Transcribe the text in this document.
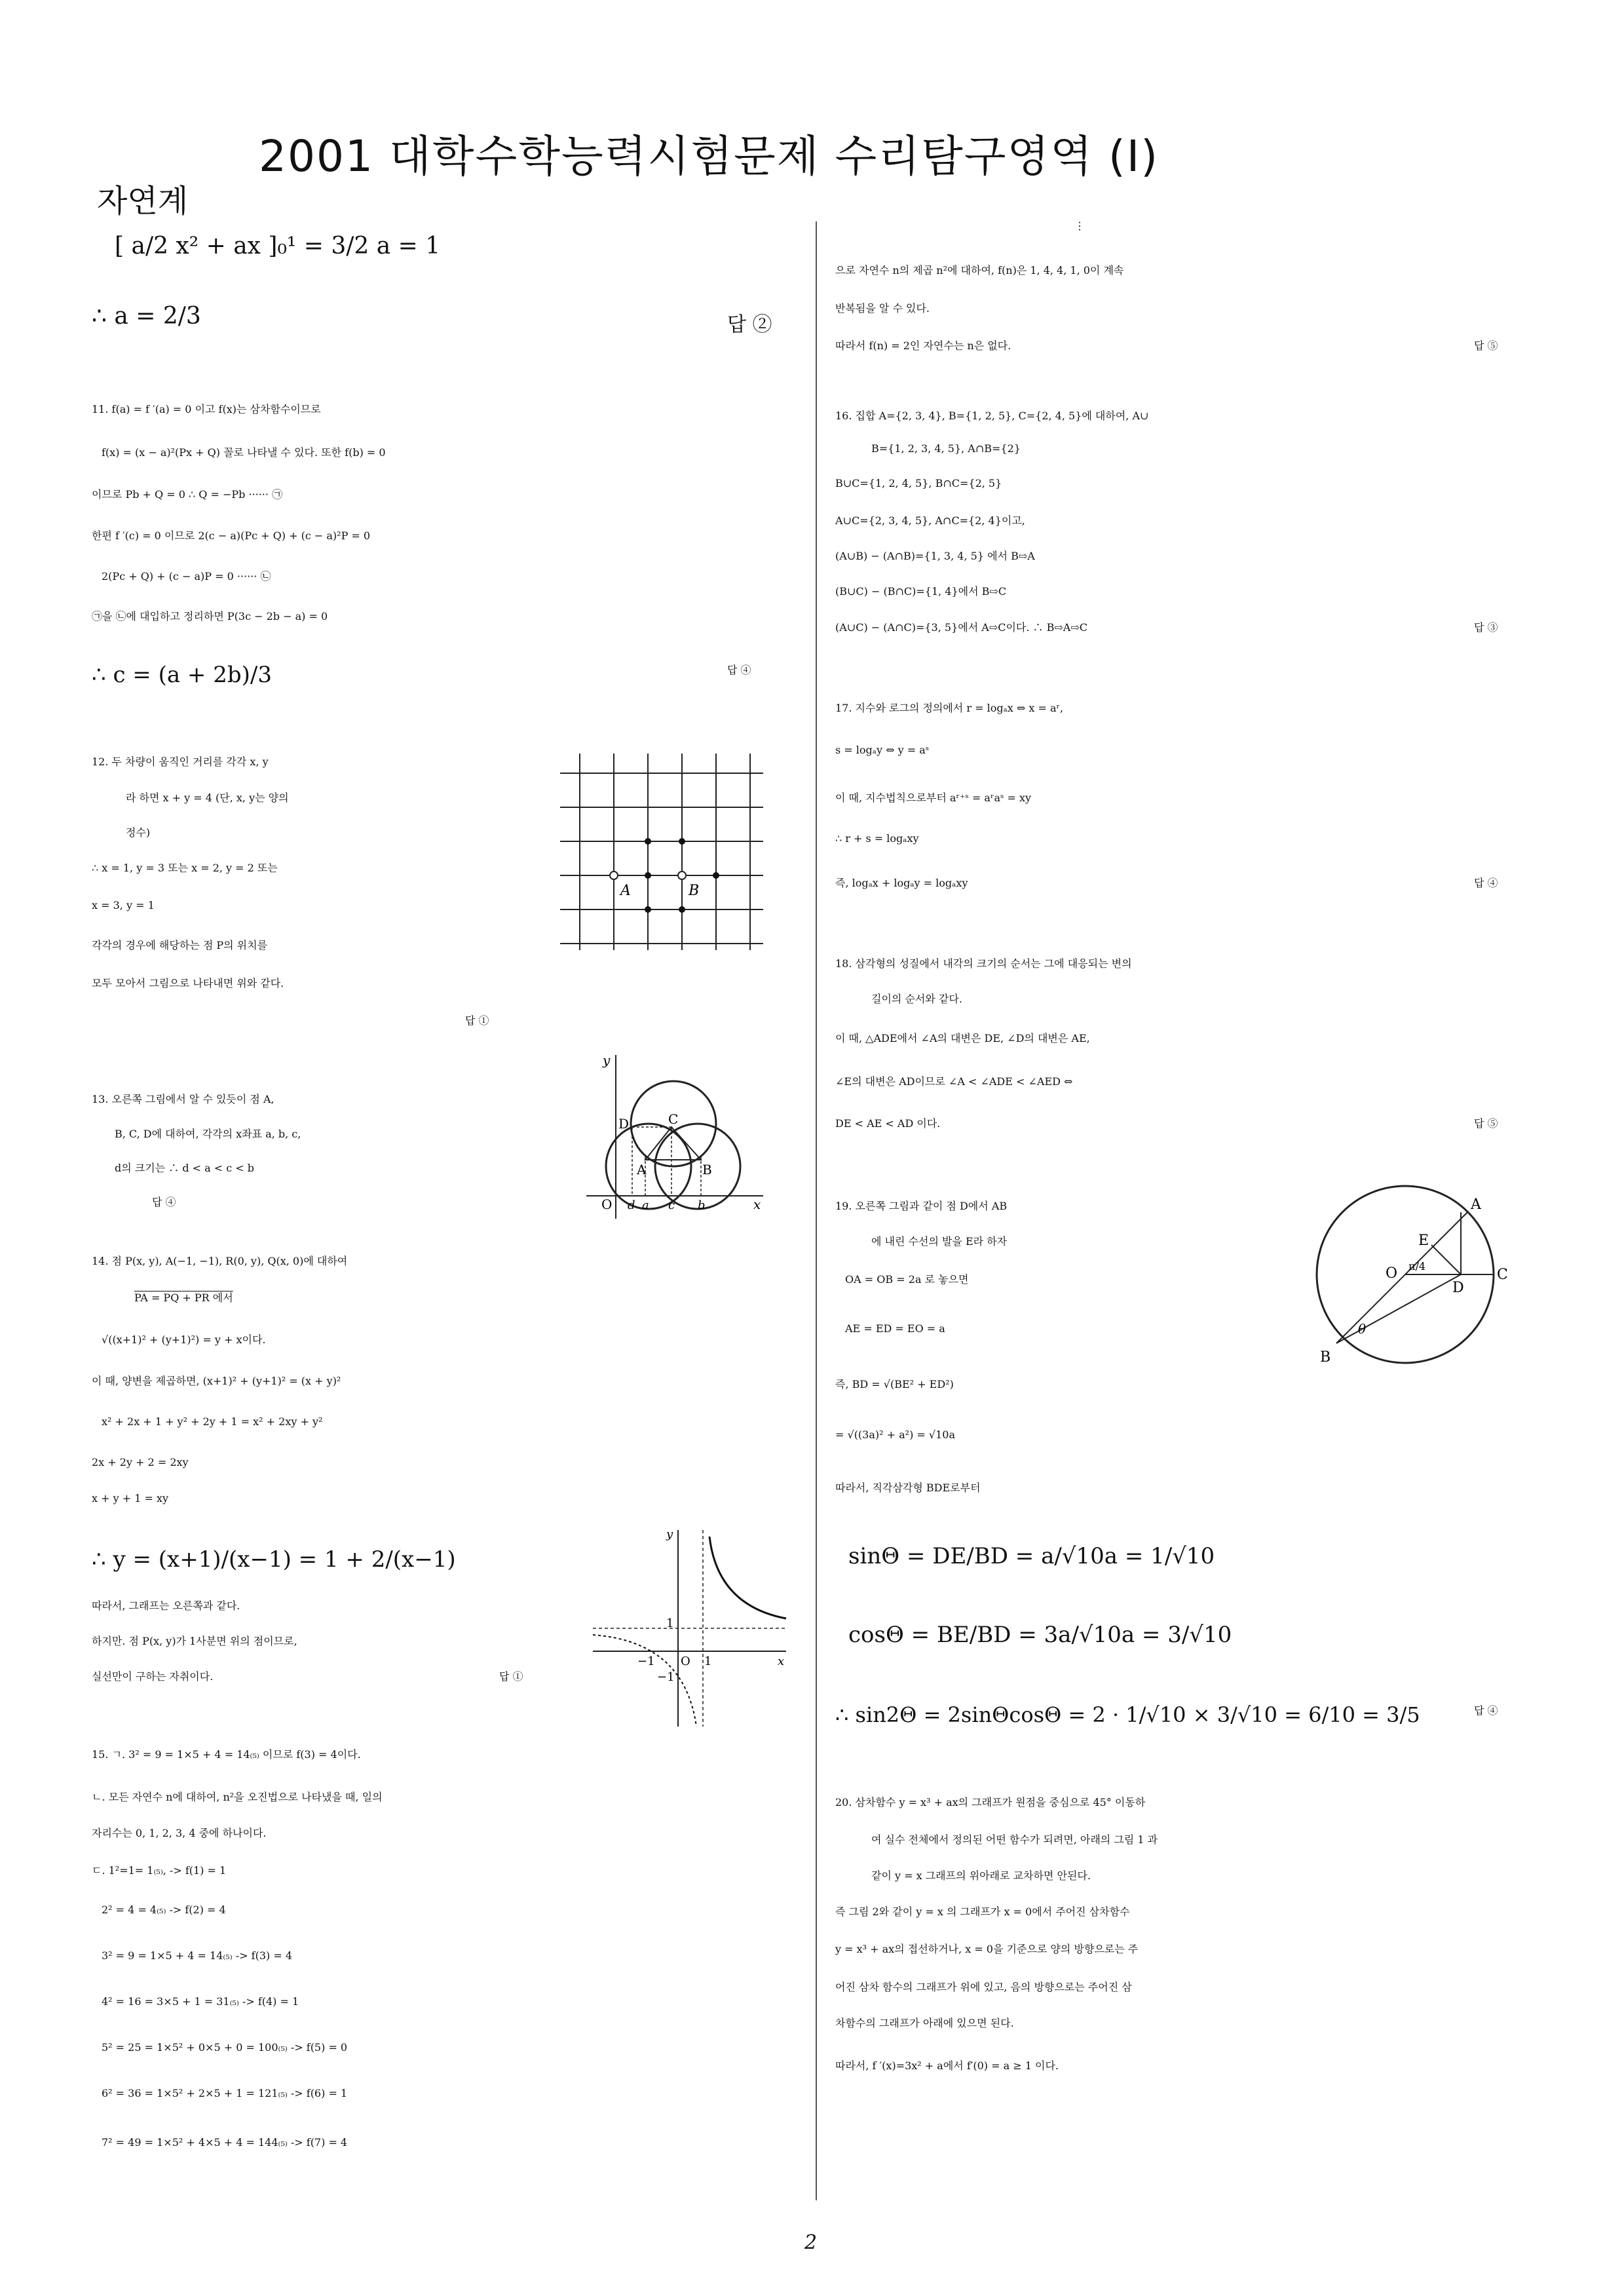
2001 대학수학능력시험문제 수리탐구영역 (Ⅰ)
자연계
[ a/2 x² + ax ]₀¹ = 3/2 a = 1
∴ a = 2/3	답 ②
11. f(a) = f ′(a) = 0 이고 f(x)는 삼차함수이므로
f(x) = (x − a)²(Px + Q) 꼴로 나타낼 수 있다. 또한 f(b) = 0
이므로 Pb + Q = 0 ∴ Q = −Pb ······ ㉠
한편 f ′(c) = 0 이므로 2(c − a)(Pc + Q) + (c − a)²P = 0
2(Pc + Q) + (c − a)P = 0 ······ ㉡
㉠을 ㉡에 대입하고 정리하면 P(3c − 2b − a) = 0
∴ c = (a + 2b)/3	답 ④
12. 두 차량이 움직인 거리를 각각 x, y
라 하면 x + y = 4 (단, x, y는 양의
정수)
∴ x = 1, y = 3 또는 x = 2, y = 2 또는
x = 3, y = 1
각각의 경우에 해당하는 점 P의 위치를
모두 모아서 그림으로 나타내면 위와 같다.
답 ①
A	B
13. 오른쪽 그림에서 알 수 있듯이 점 A,
B, C, D에 대하여, 각각의 x좌표 a, b, c,
d의 크기는 ∴ d < a < c < b
답 ④
y
C
D
A	B
O d a c b	x
14. 점 P(x, y), A(−1, −1), R(0, y), Q(x, 0)에 대하여
PA = PQ + PR 에서
√((x+1)² + (y+1)²) = y + x이다.
이 때, 양변을 제곱하면, (x+1)² + (y+1)² = (x + y)²
x² + 2x + 1 + y² + 2y + 1 = x² + 2xy + y²
2x + 2y + 2 = 2xy
x + y + 1 = xy
∴ y = (x+1)/(x−1) = 1 + 2/(x−1)
따라서, 그래프는 오른쪽과 같다.
하지만. 점 P(x, y)가 1사분면 위의 점이므로,
실선만이 구하는 자취이다.	답 ①
y
1
−1 O 1
−1
x
15. ㄱ. 3² = 9 = 1×5 + 4 = 14₍₅₎ 이므로 f(3) = 4이다.
ㄴ. 모든 자연수 n에 대하여, n²을 오진법으로 나타냈을 때, 일의
자리수는 0, 1, 2, 3, 4 중에 하나이다.
ㄷ. 1²=1= 1₍₅₎, -> f(1) = 1
2² = 4 = 4₍₅₎ -> f(2) = 4
3² = 9 = 1×5 + 4 = 14₍₅₎ -> f(3) = 4
4² = 16 = 3×5 + 1 = 31₍₅₎ -> f(4) = 1
5² = 25 = 1×5² + 0×5 + 0 = 100₍₅₎ -> f(5) = 0
6² = 36 = 1×5² + 2×5 + 1 = 121₍₅₎ -> f(6) = 1
7² = 49 = 1×5² + 4×5 + 4 = 144₍₅₎ -> f(7) = 4
⋮
으로 자연수 n의 제곱 n²에 대하여, f(n)은 1, 4, 4, 1, 0이 계속
반복됨을 알 수 있다.
따라서 f(n) = 2인 자연수는 n은 없다.	답 ⑤
16. 집합 A={2, 3, 4}, B={1, 2, 5}, C={2, 4, 5}에 대하여, A∪
B={1, 2, 3, 4, 5}, A∩B={2}
B∪C={1, 2, 4, 5}, B∩C={2, 5}
A∪C={2, 3, 4, 5}, A∩C={2, 4}이고,
(A∪B) − (A∩B)={1, 3, 4, 5} 에서 B⇨A
(B∪C) − (B∩C)={1, 4}에서 B⇨C
(A∪C) − (A∩C)={3, 5}에서 A⇨C이다. ∴ B⇨A⇨C	답 ③
17. 지수와 로그의 정의에서 r = logₐx ⇔ x = aʳ,
s = logₐy ⇔ y = aˢ
이 때, 지수법칙으로부터 aʳ⁺ˢ = aʳaˢ = xy
∴ r + s = logₐxy
즉, logₐx + logₐy = logₐxy	답 ④
18. 삼각형의 성질에서 내각의 크기의 순서는 그에 대응되는 변의
길이의 순서와 같다.
이 때, △ADE에서 ∠A의 대변은 DE, ∠D의 대변은 AE,
∠E의 대변은 AD이므로 ∠A < ∠ADE < ∠AED ⇔
DE < AE < AD 이다.	답 ⑤
19. 오른쪽 그림과 같이 점 D에서 AB
에 내린 수선의 발을 E라 하자
OA = OB = 2a 로 놓으면
AE = ED = EO = a
즉, BD = √(BE² + ED²)
= √((3a)² + a²) = √10a
따라서, 직각삼각형 BDE로부터
sinΘ = DE/BD = a/√10a = 1/√10
cosΘ = BE/BD = 3a/√10a = 3/√10
∴ sin2Θ = 2sinΘcosΘ = 2 · 1/√10 × 3/√10 = 6/10 = 3/5	답 ④
A
E
O π/4
D
C
θ
B
20. 삼차함수 y = x³ + ax의 그래프가 원점을 중심으로 45° 이동하
여 실수 전체에서 정의된 어떤 함수가 되려면, 아래의 그림 1 과
같이 y = x 그래프의 위아래로 교차하면 안된다.
즉 그림 2와 같이 y = x 의 그래프가 x = 0에서 주어진 삼차함수
y = x³ + ax의 접선하거나, x = 0을 기준으로 양의 방향으로는 주
어진 삼차 함수의 그래프가 위에 있고, 음의 방향으로는 주어진 삼
차함수의 그래프가 아래에 있으면 된다.
따라서, f ′(x)=3x² + a에서 f′(0) = a ≥ 1 이다.
2
